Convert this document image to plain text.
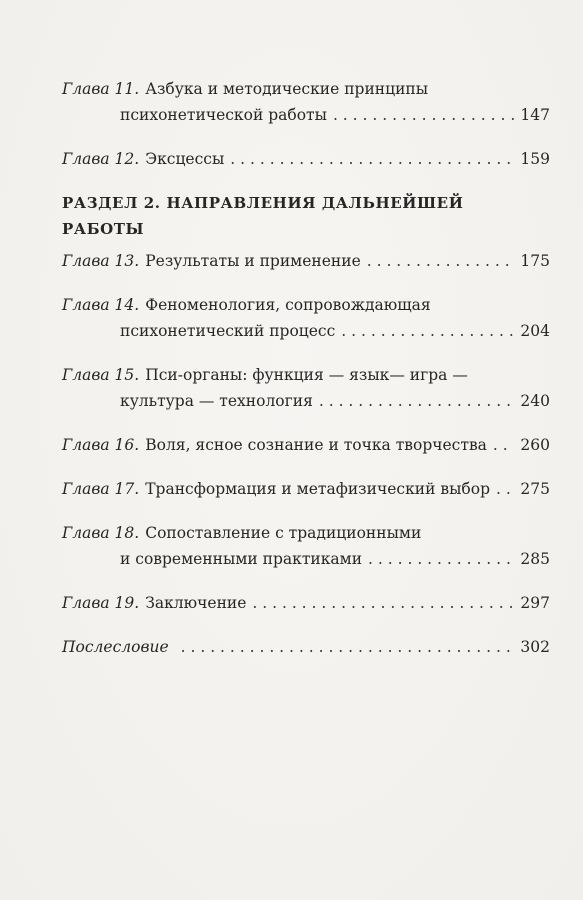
Глава 11. Азбука и методические принципы
психонетической работы . . .	147
Глава 12. Эксцессы . . .	159
РАЗДЕЛ 2. НАПРАВЛЕНИЯ ДАЛЬНЕЙШЕЙ РАБОТЫ
Глава 13. Результаты и применение . . .	175
Глава 14. Феноменология, сопровождающая
психонетический процесс . . .	204
Глава 15. Пси-органы: функция — язык— игра —
культура — технология . . .	240
Глава 16. Воля, ясное сознание и точка творчества . . . 260
Глава 17. Трансформация и метафизический выбор . . . 275
Глава 18. Сопоставление с традиционными
и современными практиками . . .	285
Глава 19. Заключение . . .	297
Послесловие . . .	302
